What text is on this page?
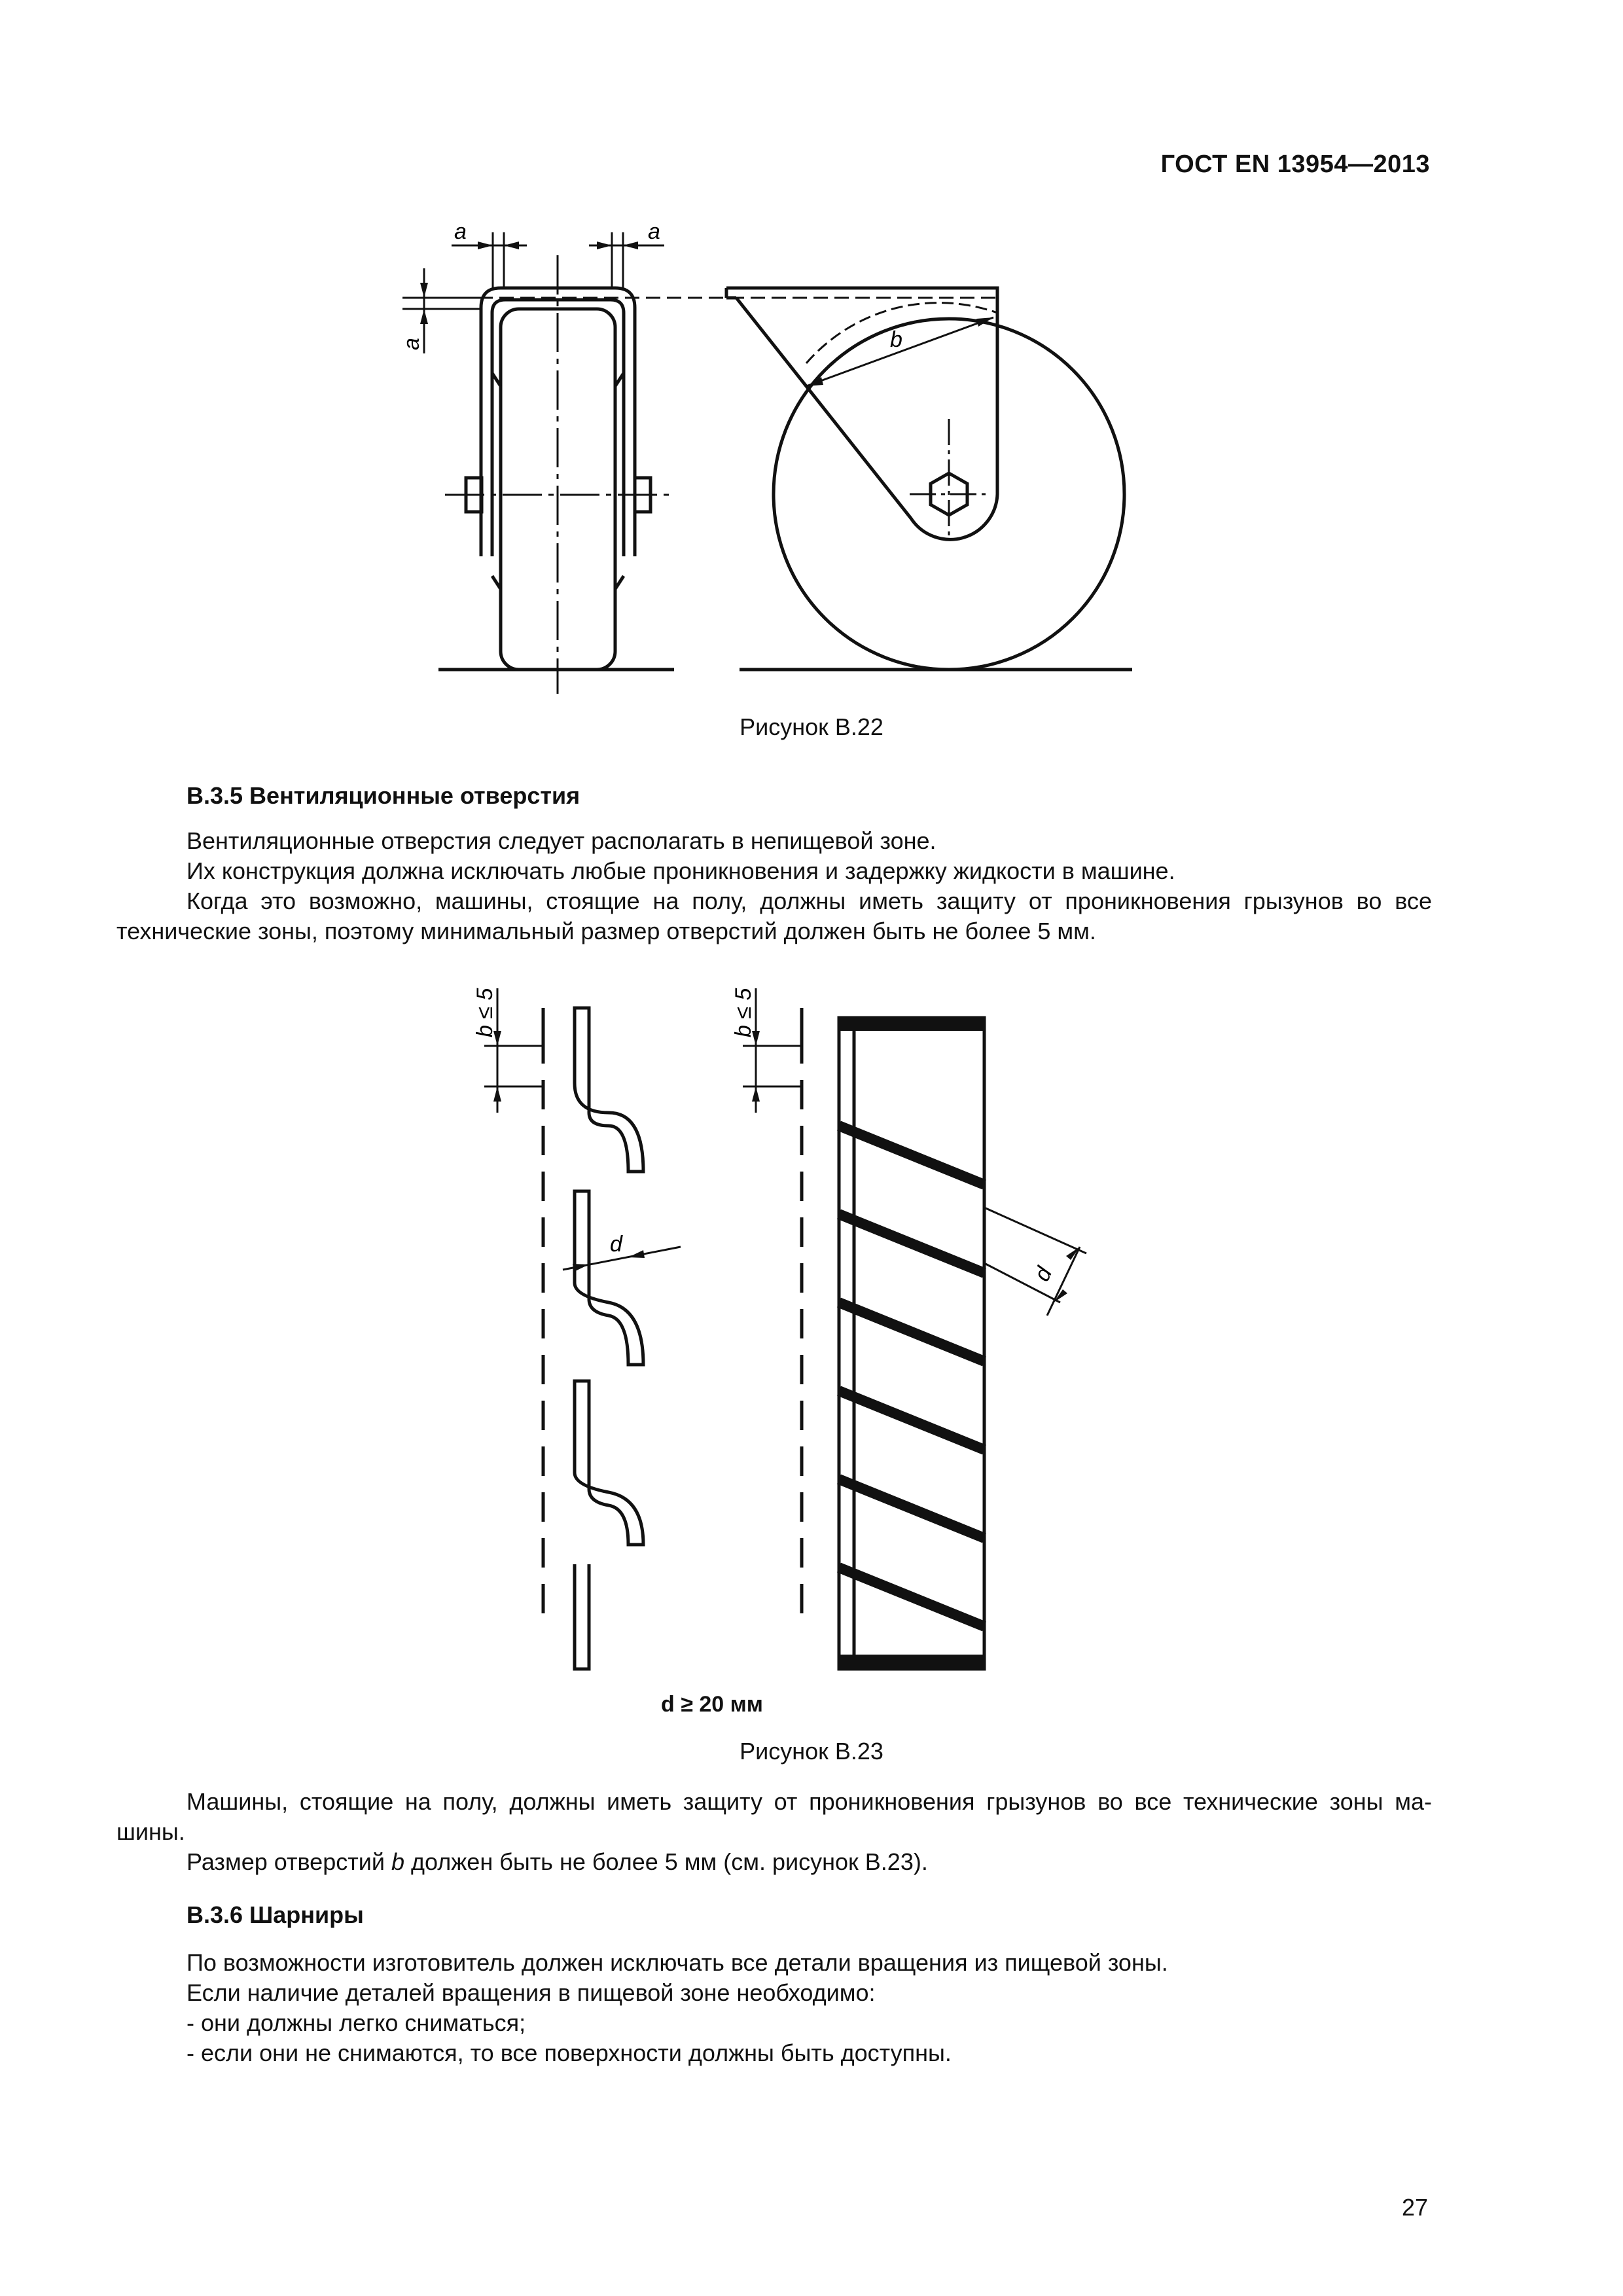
ГОСТ EN 13954—2013
a	a
a	b
Рисунок В.22
В.3.5 Вентиляционные отверстия
Вентиляционные отверстия следует располагать в непищевой зоне.
Их конструкция должна исключать любые проникновения и задержку жидкости в машине.
Когда это возможно, машины, стоящие на полу, должны иметь защиту от проникновения грызунов во все
технические зоны, поэтому минимальный размер отверстий должен быть не более 5 мм.
b ≤ 5	b ≤ 5
d
d
d ≥ 20 мм
Рисунок В.23
Машины, стоящие на полу, должны иметь защиту от проникновения грызунов во все технические зоны ма-
шины.
Размер отверстий b должен быть не более 5 мм (см. рисунок В.23).
В.3.6 Шарниры
По возможности изготовитель должен исключать все детали вращения из пищевой зоны.
Если наличие деталей вращения в пищевой зоне необходимо:
- они должны легко сниматься;
- если они не снимаются, то все поверхности должны быть доступны.
27
